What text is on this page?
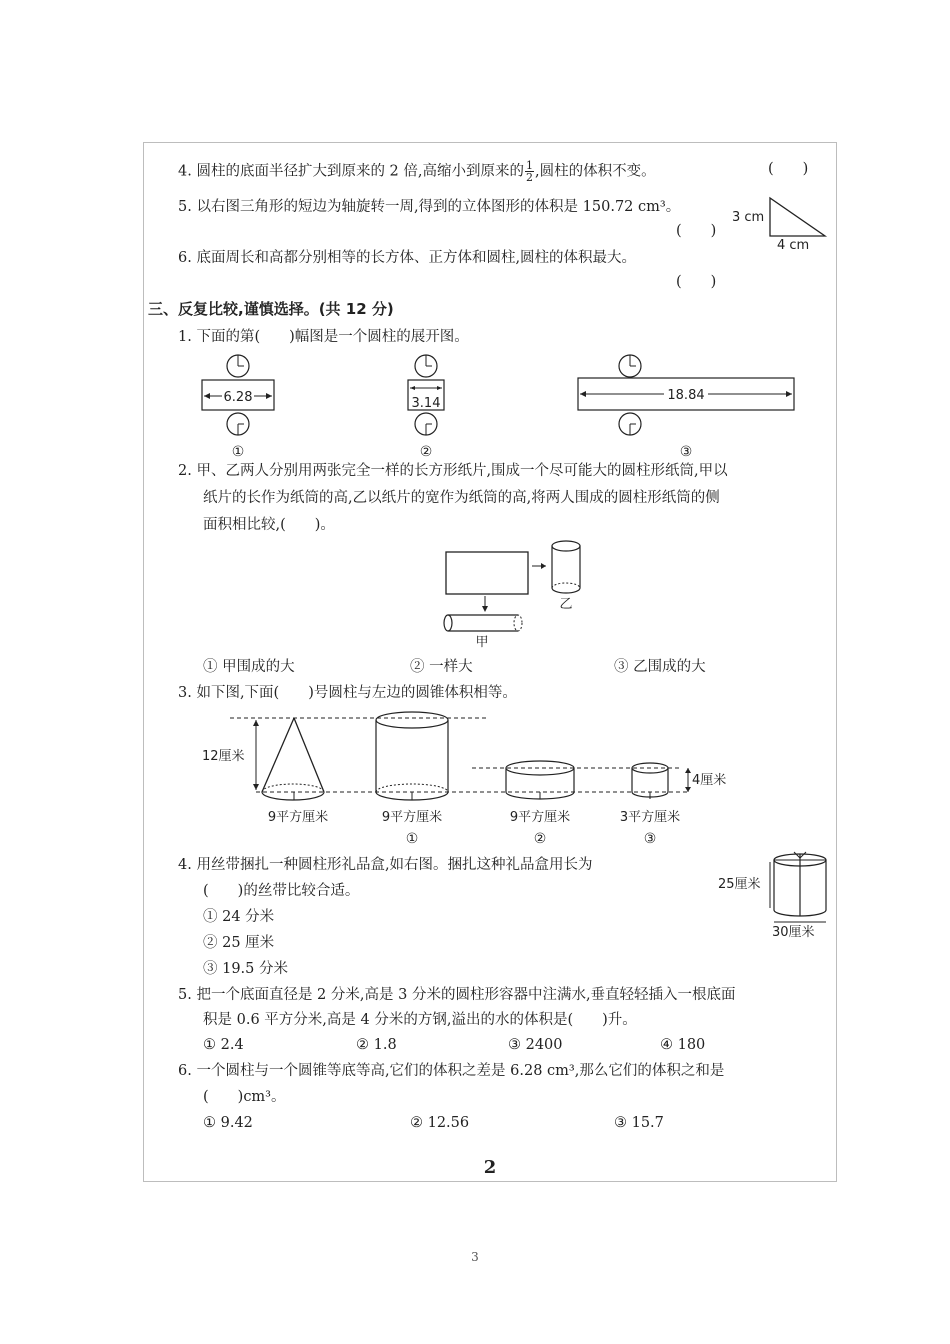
4. 圆柱的底面半径扩大到原来的 2 倍,高缩小到原来的 $\frac{1}{2}$ ,圆柱的体积不变。	(　　)
5. 以右图三角形的短边为轴旋转一周,得到的立体图形的体积是 150.72 cm³。
(　　)
3 cm
4 cm
6. 底面周长和高都分别相等的长方体、正方体和圆柱,圆柱的体积最大。
(　　)
三、反复比较,谨慎选择。(共 12 分)
1. 下面的第(　　)幅图是一个圆柱的展开图。
6.28
①
3.14
②
18.84
③
2. 甲、乙两人分别用两张完全一样的长方形纸片,围成一个尽可能大的圆柱形纸筒,甲以
纸片的长作为纸筒的高,乙以纸片的宽作为纸筒的高,将两人围成的圆柱形纸筒的侧
面积相比较,(　　)。
乙
甲
① 甲围成的大	② 一样大	③ 乙围成的大
3. 如下图,下面(　　)号圆柱与左边的圆锥体积相等。
12厘米
9平方厘米	9平方厘米
①
9平方厘米
②
4厘米
3平方厘米
③
4. 用丝带捆扎一种圆柱形礼品盒,如右图。捆扎这种礼品盒用长为
(　　)的丝带比较合适。
① 24 分米
② 25 厘米
③ 19.5 分米
25厘米
30厘米
5. 把一个底面直径是 2 分米,高是 3 分米的圆柱形容器中注满水,垂直轻轻插入一根底面
积是 0.6 平方分米,高是 4 分米的方钢,溢出的水的体积是(　　)升。
① 2.4	② 1.8	③ 2400	④ 180
6. 一个圆柱与一个圆锥等底等高,它们的体积之差是 6.28 cm³,那么它们的体积之和是
(　　)cm³。
① 9.42	② 12.56	③ 15.7
2
3
